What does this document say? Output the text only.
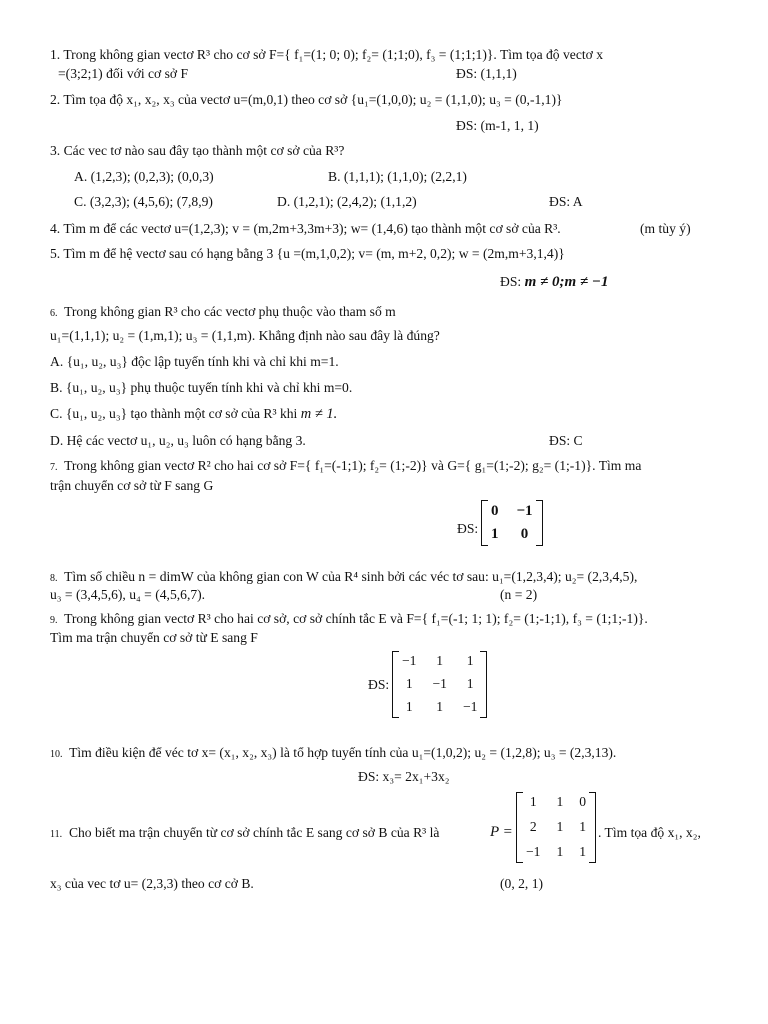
1. Trong không gian vectơ R³ cho cơ sở F={ f₁=(1; 0; 0); f₂= (1;1;0), f₃ = (1;1;1)}. Tìm tọa độ vectơ x
=(3;2;1) đối với cơ sở F	ĐS: (1,1,1)
2. Tìm tọa độ x₁, x₂, x₃ của vectơ u=(m,0,1) theo cơ sở {u₁=(1,0,0); u₂ = (1,1,0); u₃ = (0,-1,1)}
ĐS: (m-1, 1, 1)
3. Các vec tơ nào sau đây tạo thành một cơ sở của R³?
A. (1,2,3); (0,2,3); (0,0,3)	B. (1,1,1); (1,1,0); (2,2,1)
C. (3,2,3); (4,5,6); (7,8,9)	D. (1,2,1); (2,4,2); (1,1,2)	ĐS: A
4. Tìm m để các vectơ u=(1,2,3); v = (m,2m+3,3m+3); w= (1,4,6) tạo thành một cơ sở của R³.	(m tùy ý)
5. Tìm m để hệ vectơ sau có hạng bằng 3 {u =(m,1,0,2); v= (m, m+2, 0,2); w = (2m,m+3,1,4)}
ĐS: m ≠ 0;m ≠ −1
6. Trong không gian R³ cho các vectơ phụ thuộc vào tham số m
u₁=(1,1,1); u₂ = (1,m,1); u₃ = (1,1,m). Khẳng định nào sau đây là đúng?
A. {u₁, u₂, u₃} độc lập tuyến tính khi và chỉ khi m=1.
B. {u₁, u₂, u₃} phụ thuộc tuyến tính khi và chỉ khi m=0.
C. {u₁, u₂, u₃} tạo thành một cơ sở của R³ khi m ≠ 1.
D. Hệ các vectơ u₁, u₂, u₃ luôn có hạng bằng 3.	ĐS: C
7. Trong không gian vectơ R² cho hai cơ sở F={ f₁=(-1;1); f₂= (1;-2)} và G={ g₁=(1;-2); g₂= (1;-1)}. Tìm ma
trận chuyển cơ sở từ F sang G
ĐS:
0 −1
1 0
8. Tìm số chiều n = dimW của không gian con W của R⁴ sinh bởi các véc tơ sau: u₁=(1,2,3,4); u₂= (2,3,4,5),
u₃ = (3,4,5,6), u₄ = (4,5,6,7).	(n = 2)
9. Trong không gian vectơ R³ cho hai cơ sở, cơ sở chính tắc E và F={ f₁=(-1; 1; 1); f₂= (1;-1;1), f₃ = (1;1;-1)}.
Tìm ma trận chuyển cơ sở từ E sang F
ĐS:
−1 1 1
1 −1 1
1 1 −1
10. Tìm điều kiện để véc tơ x= (x₁, x₂, x₃) là tổ hợp tuyến tính của u₁=(1,0,2); u₂ = (1,2,8); u₃ = (2,3,13).
ĐS: x₃= 2x₁+3x₂
11. Cho biết ma trận chuyển từ cơ sở chính tắc E sang cơ sở B của R³ là	P =
1 1 0
2 1 1
−1 1 1
. Tìm tọa độ x₁, x₂,
x₃ của vec tơ u= (2,3,3) theo cơ cở B.	(0, 2, 1)
